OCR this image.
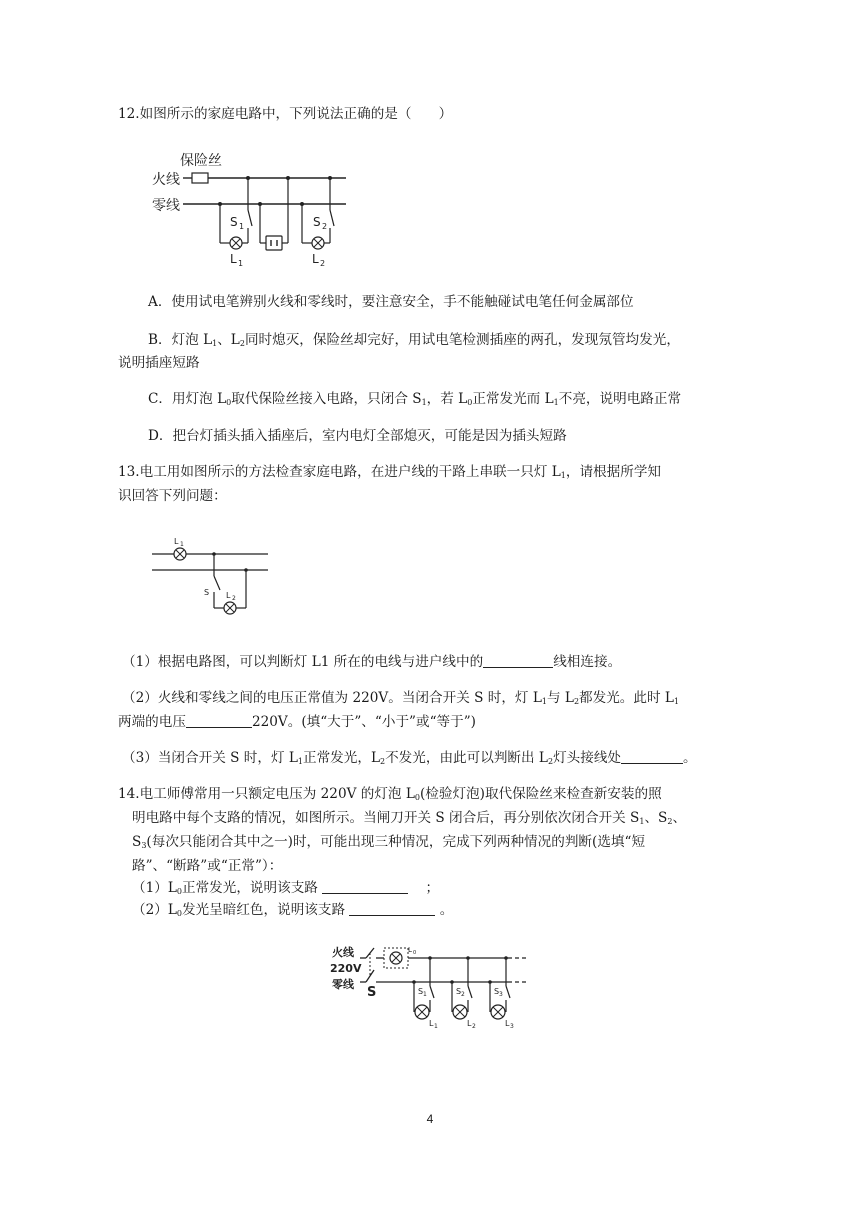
12.如图所示的家庭电路中，下列说法正确的是（　　）
保险丝
火线
零线
S 1
L 1
S 2
L 2
A．使用试电笔辨别火线和零线时，要注意安全，手不能触碰试电笔任何金属部位
B．灯泡 $L_1$、$L_2$同时熄灭，保险丝却完好，用试电笔检测插座的两孔，发现氖管均发光，
说明插座短路
C．用灯泡 $L_0$取代保险丝接入电路，只闭合 $S_1$，若 $L_0$正常发光而 $L_1$不亮，说明电路正常
D．把台灯插头插入插座后，室内电灯全部熄灭，可能是因为插头短路
13.电工用如图所示的方法检查家庭电路，在进户线的干路上串联一只灯 $L_1$，请根据所学知
识回答下列问题：
L 1
S L 2
（1）根据电路图，可以判断灯 L1 所在的电线与进户线中的	线相连接。
（2）火线和零线之间的电压正常值为 220V。当闭合开关 S 时，灯 $L_1$与 $L_2$都发光。此时 $L_1$
两端的电压	220V。(填“大于”、“小于”或“等于”)
（3）当闭合开关 S 时，灯 $L_1$正常发光，$L_2$不发光，由此可以判断出 $L_2$灯头接线处	。
14.电工师傅常用一只额定电压为 220V 的灯泡 $L_0$(检验灯泡)取代保险丝来检查新安装的照
明电路中每个支路的情况，如图所示。当闸刀开关 S 闭合后，再分别依次闭合开关 $S_1$、$S_2$、
$S_3$(每次只能闭合其中之一)时，可能出现三种情况，完成下列两种情况的判断(选填“短
路”、“断路”或“正常”）：
$(1)L_0$正常发光，说明该支路	；
$(2)L_0$发光呈暗红色，说明该支路	。
火线
220V
零线
S
L 0
S 1
L 1
S 2
L 2
S 3
L 3
4
